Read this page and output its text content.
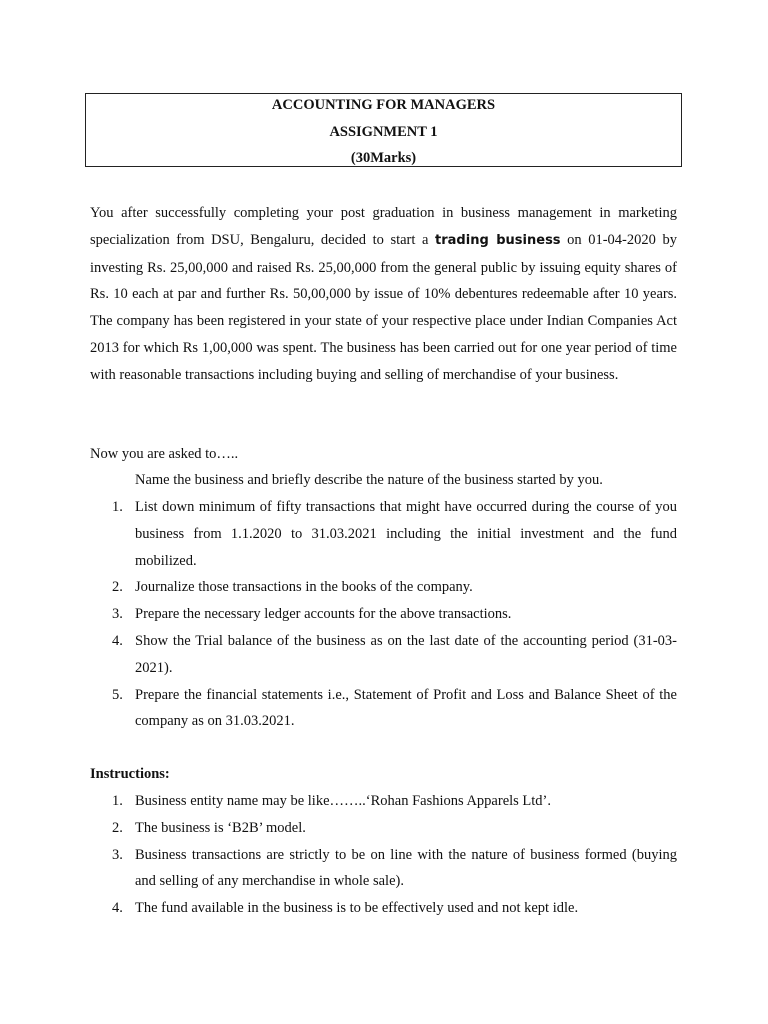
ACCOUNTING FOR MANAGERS
ASSIGNMENT 1
(30Marks)

You after successfully completing your post graduation in business management in marketing specialization from DSU, Bengaluru, decided to start a trading business on 01-04-2020 by investing Rs. 25,00,000 and raised Rs. 25,00,000 from the general public by issuing equity shares of Rs. 10 each at par and further Rs. 50,00,000 by issue of 10% debentures redeemable after 10 years. The company has been registered in your state of your respective place under Indian Companies Act 2013 for which Rs 1,00,000 was spent. The business has been carried out for one year period of time with reasonable transactions including buying and selling of merchandise of your business.

Now you are asked to…..

Name the business and briefly describe the nature of the business started by you.

1. List down minimum of fifty transactions that might have occurred during the course of you business from 1.1.2020 to 31.03.2021 including the initial investment and the fund mobilized.
2. Journalize those transactions in the books of the company.
3. Prepare the necessary ledger accounts for the above transactions.
4. Show the Trial balance of the business as on the last date of the accounting period (31-03-2021).
5. Prepare the financial statements i.e., Statement of Profit and Loss and Balance Sheet of the company as on 31.03.2021.

Instructions:

1. Business entity name may be like……..‘Rohan Fashions Apparels Ltd’.
2. The business is ‘B2B’ model.
3. Business transactions are strictly to be on line with the nature of business formed (buying and selling of any merchandise in whole sale).
4. The fund available in the business is to be effectively used and not kept idle.
